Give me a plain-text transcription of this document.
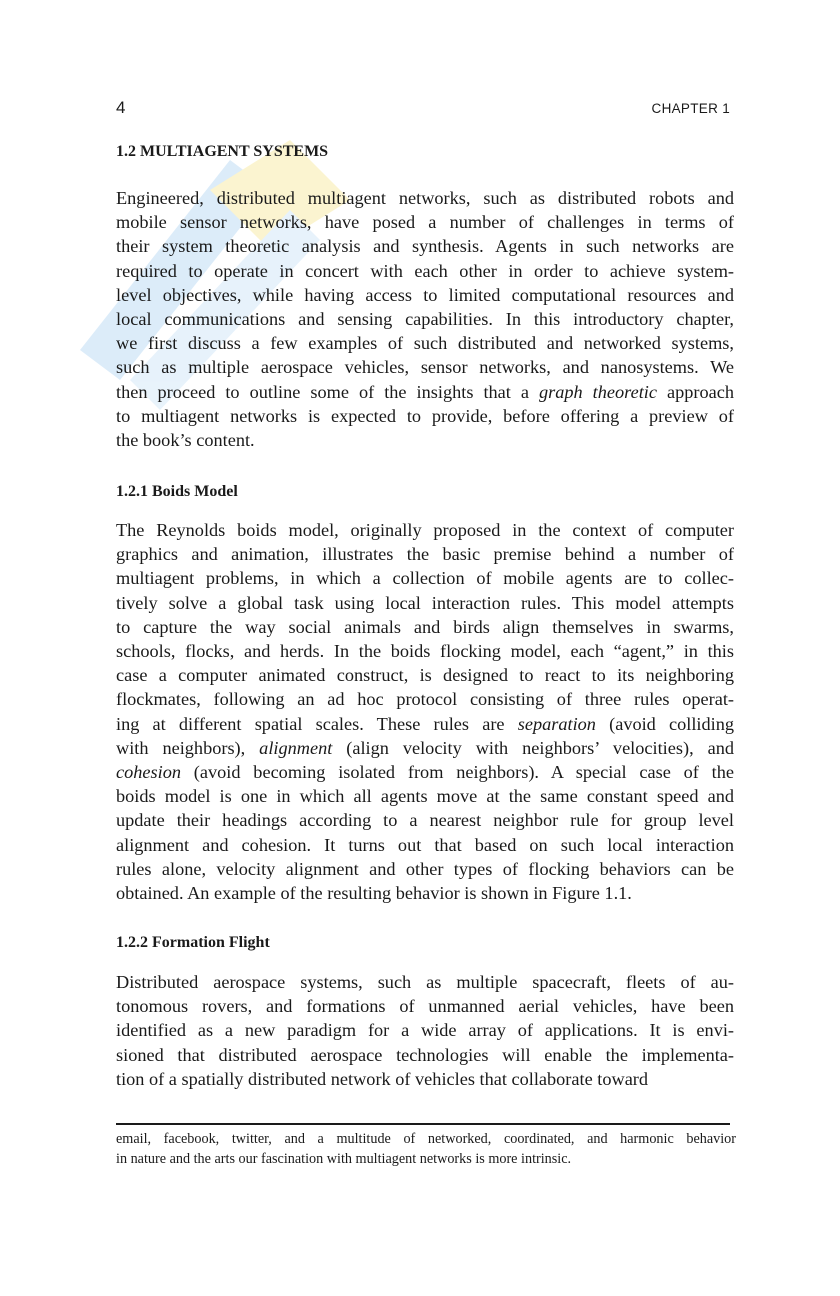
4	CHAPTER 1
1.2 MULTIAGENT SYSTEMS

Engineered, distributed multiagent networks, such as distributed robots and
mobile sensor networks, have posed a number of challenges in terms of
their system theoretic analysis and synthesis. Agents in such networks are
required to operate in concert with each other in order to achieve system-
level objectives, while having access to limited computational resources and
local communications and sensing capabilities. In this introductory chapter,
we first discuss a few examples of such distributed and networked systems,
such as multiple aerospace vehicles, sensor networks, and nanosystems. We
then proceed to outline some of the insights that a graph theoretic approach
to multiagent networks is expected to provide, before offering a preview of
the book’s content.

1.2.1 Boids Model

The Reynolds boids model, originally proposed in the context of computer
graphics and animation, illustrates the basic premise behind a number of
multiagent problems, in which a collection of mobile agents are to collec-
tively solve a global task using local interaction rules. This model attempts
to capture the way social animals and birds align themselves in swarms,
schools, flocks, and herds. In the boids flocking model, each “agent,” in this
case a computer animated construct, is designed to react to its neighboring
flockmates, following an ad hoc protocol consisting of three rules operat-
ing at different spatial scales. These rules are separation (avoid colliding
with neighbors), alignment (align velocity with neighbors’ velocities), and
cohesion (avoid becoming isolated from neighbors). A special case of the
boids model is one in which all agents move at the same constant speed and
update their headings according to a nearest neighbor rule for group level
alignment and cohesion. It turns out that based on such local interaction
rules alone, velocity alignment and other types of flocking behaviors can be
obtained. An example of the resulting behavior is shown in Figure 1.1.

1.2.2 Formation Flight

Distributed aerospace systems, such as multiple spacecraft, fleets of au-
tonomous rovers, and formations of unmanned aerial vehicles, have been
identified as a new paradigm for a wide array of applications. It is envi-
sioned that distributed aerospace technologies will enable the implementa-
tion of a spatially distributed network of vehicles that collaborate toward

email, facebook, twitter, and a multitude of networked, coordinated, and harmonic behavior
in nature and the arts our fascination with multiagent networks is more intrinsic.
